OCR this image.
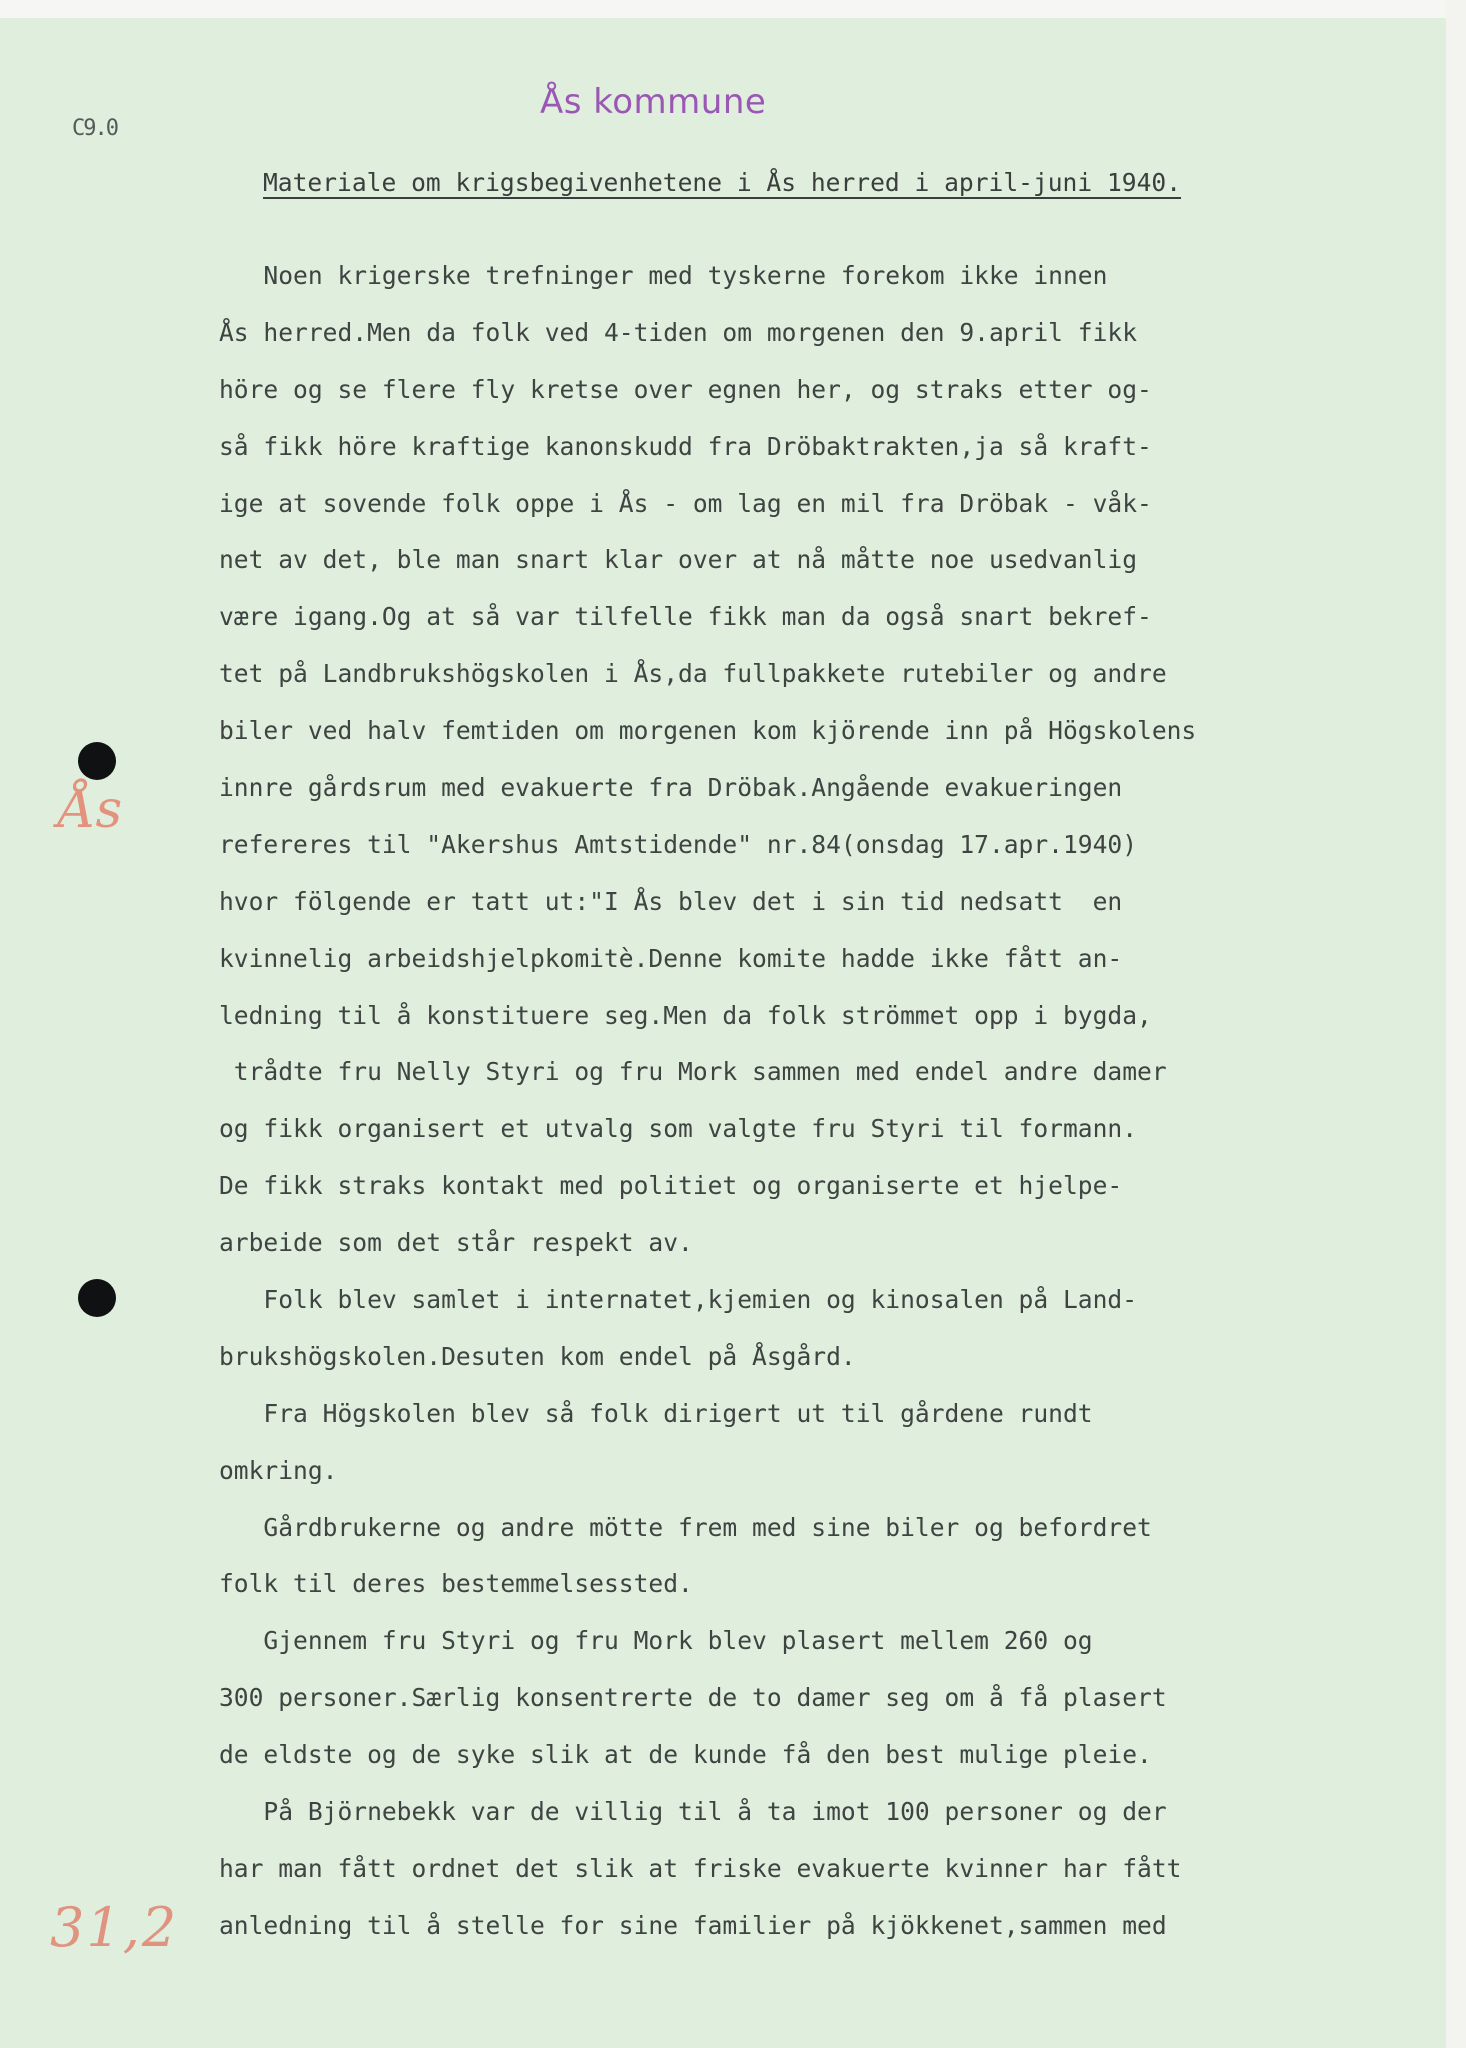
C9.0
Ås kommune
Materiale om krigsbegivenhetene i Ås herred i april-juni 1940.
Noen krigerske trefninger med tyskerne forekom ikke innen
Ås herred.Men da folk ved 4-tiden om morgenen den 9.april fikk
höre og se flere fly kretse over egnen her, og straks etter og-
så fikk höre kraftige kanonskudd fra Dröbaktrakten,ja så kraft-
ige at sovende folk oppe i Ås - om lag en mil fra Dröbak - våk-
net av det, ble man snart klar over at nå måtte noe usedvanlig
være igang.Og at så var tilfelle fikk man da også snart bekref-
tet på Landbrukshögskolen i Ås,da fullpakkete rutebiler og andre
biler ved halv femtiden om morgenen kom kjörende inn på Högskolens
innre gårdsrum med evakuerte fra Dröbak.Angående evakueringen
refereres til "Akershus Amtstidende" nr.84(onsdag 17.apr.1940)
hvor fölgende er tatt ut:"I Ås blev det i sin tid nedsatt  en
kvinnelig arbeidshjelpkomitè.Denne komite hadde ikke fått an-
ledning til å konstituere seg.Men da folk strömmet opp i bygda,
trådte fru Nelly Styri og fru Mork sammen med endel andre damer
og fikk organisert et utvalg som valgte fru Styri til formann.
De fikk straks kontakt med politiet og organiserte et hjelpe-
arbeide som det står respekt av.
Folk blev samlet i internatet,kjemien og kinosalen på Land-
brukshögskolen.Desuten kom endel på Åsgård.
Fra Högskolen blev så folk dirigert ut til gårdene rundt
omkring.
Gårdbrukerne og andre mötte frem med sine biler og befordret
folk til deres bestemmelsessted.
Gjennem fru Styri og fru Mork blev plasert mellem 260 og
300 personer.Særlig konsentrerte de to damer seg om å få plasert
de eldste og de syke slik at de kunde få den best mulige pleie.
På Björnebekk var de villig til å ta imot 100 personer og der
har man fått ordnet det slik at friske evakuerte kvinner har fått
anledning til å stelle for sine familier på kjökkenet,sammen med
Ås
31,2
